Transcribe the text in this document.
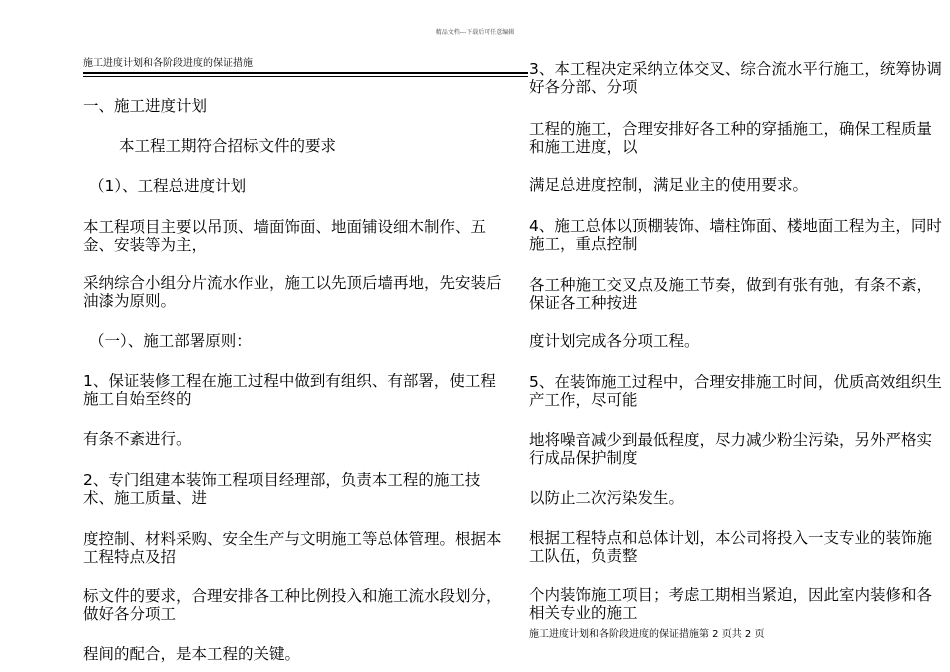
精品文档---下载后可任意编辑
施工进度计划和各阶段进度的保证措施

一、施工进度计划

本工程工期符合招标文件的要求

（1）、工程总进度计划

本工程项目主要以吊顶、墙面饰面、地面铺设细木制作、五金、安装等为主，

采纳综合小组分片流水作业，施工以先顶后墙再地，先安装后油漆为原则。

（一）、施工部署原则：

1、保证装修工程在施工过程中做到有组织、有部署，使工程施工自始至终的

有条不紊进行。

2、专门组建本装饰工程项目经理部，负责本工程的施工技术、施工质量、进

度控制、材料采购、安全生产与文明施工等总体管理。根据本工程特点及招

标文件的要求，合理安排各工种比例投入和施工流水段划分，做好各分项工

程间的配合，是本工程的关键。

3、本工程决定采纳立体交叉、综合流水平行施工，统筹协调好各分部、分项

工程的施工，合理安排好各工种的穿插施工，确保工程质量和施工进度，以

满足总进度控制，满足业主的使用要求。

4、施工总体以顶棚装饰、墙柱饰面、楼地面工程为主，同时施工，重点控制

各工种施工交叉点及施工节奏，做到有张有弛，有条不紊，保证各工种按进

度计划完成各分项工程。

5、在装饰施工过程中，合理安排施工时间，优质高效组织生产工作，尽可能

地将噪音减少到最低程度，尽力减少粉尘污染，另外严格实行成品保护制度

以防止二次污染发生。

根据工程特点和总体计划，本公司将投入一支专业的装饰施工队伍，负责整

个内装饰施工项目；考虑工期相当紧迫，因此室内装修和各相关专业的施工

施工进度计划和各阶段进度的保证措施第 2 页共 2 页
